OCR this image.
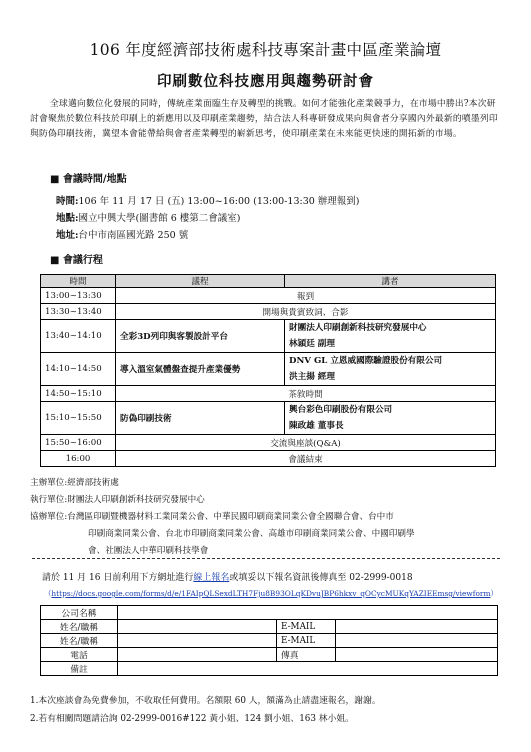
106 年度經濟部技術處科技專案計畫中區產業論壇
印刷數位科技應用與趨勢研討會
全球邁向數位化發展的同時，傳統產業面臨生存及轉型的挑戰。如何才能強化產業競爭力，在市場中勝出?本次研討會聚焦於數位科技於印刷上的新應用以及印刷產業趨勢，結合法人科專研發成果向與會者分享國內外最新的噴墨列印與防偽印刷技術，冀望本會能帶給與會者產業轉型的嶄新思考，使印刷產業在未來能更快速的開拓新的市場。
■ 會議時間/地點
時間:106 年 11 月 17 日 (五) 13:00~16:00 (13:00-13:30 辦理報到)
地點:國立中興大學(圖書館 6 樓第二會議室)
地址:台中市南區國光路 250 號
■ 會議行程
時間	議程	講者
13:00~13:30	報到	
13:30~13:40	開場與貴賓致詞、合影	
13:40~14:10	全彩3D列印與客製設計平台	財團法人印刷創新科技研究發展中心
林穎廷 副理

14:10~14:50	導入溫室氣體盤查提升產業優勢	DNV GL 立恩威國際驗證股份有限公司
洪主揚 經理

14:50~15:10	茶敘時間	
15:10~15:50	防偽印刷技術	興台彩色印刷股份有限公司
陳政雄 董事長

15:50~16:00	交流與座談(Q&A)	
16:00	會議結束	
主辦單位:經濟部技術處
執行單位:財團法人印刷創新科技研究發展中心
協辦單位:台灣區印刷暨機器材料工業同業公會、中華民國印刷商業同業公會全國聯合會、台中市
印刷商業同業公會、台北市印刷商業同業公會、高雄市印刷商業同業公會、中國印刷學
會、社團法人中華印刷科技學會
請於 11 月 16 日前利用下方網址進行線上報名或填妥以下報名資訊後傳真至 02-2999-0018
（https://docs.google.com/forms/d/e/1FAIpQLSexdLTH7Fju8B93OLqKDvuJBP6hkxv_qOCycMUKqYAZIEEmsg/viewform）
公司名稱			
姓名/職稱		E-MAIL	
姓名/職稱		E-MAIL	
電話		傳真	
備註			
1.本次座談會為免費參加，不收取任何費用。名額限 60 人，額滿為止請盡速報名，謝謝。
2.若有相關問題請洽詢 02-2999-0016#122 黃小姐、124 劉小姐、163 林小姐。
